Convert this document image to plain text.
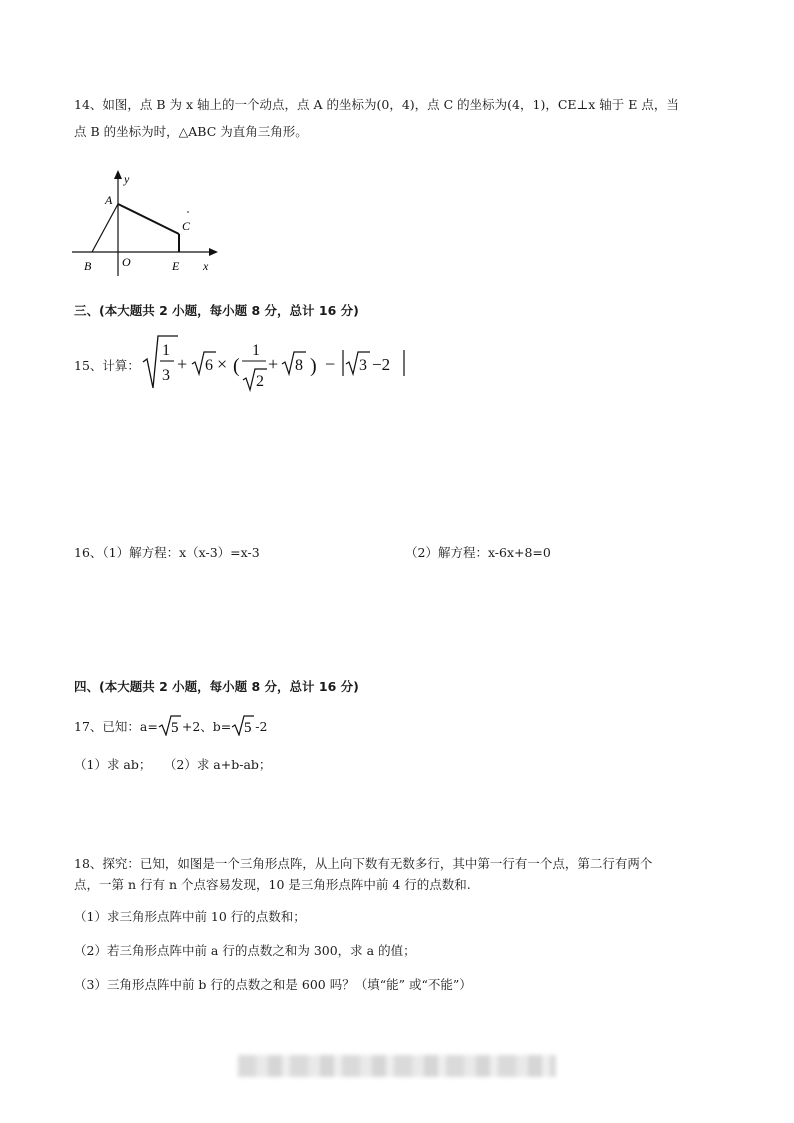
14、如图，点 B 为 x 轴上的一个动点，点 A 的坐标为(0，4)，点 C 的坐标为(4，1)，CE⊥x 轴于 E 点，当
点 B 的坐标为时，△ABC 为直角三角形。
y
A
C
B	O	E x
三、(本大题共 2 小题，每小题 8 分，总计 16 分)
15、计算：
1
3
+ 6 × (
1
2
+ 8 ) − 3 −2
16、（1）解方程：x（x-3）=x-3	（2）解方程：x-6x+8=0
四、(本大题共 2 小题，每小题 8 分，总计 16 分)
17、已知：a= 5 +2、b= 5 -2
（1）求 ab；　　（2）求 a+b-ab；
18、探究：已知，如图是一个三角形点阵，从上向下数有无数多行，其中第一行有一个点，第二行有两个
点，一第 n 行有 n 个点容易发现，10 是三角形点阵中前 4 行的点数和.
（1）求三角形点阵中前 10 行的点数和；
（2）若三角形点阵中前 a 行的点数之和为 300，求 a 的值；
（3）三角形点阵中前 b 行的点数之和是 600 吗？（填“能” 或“不能”）
